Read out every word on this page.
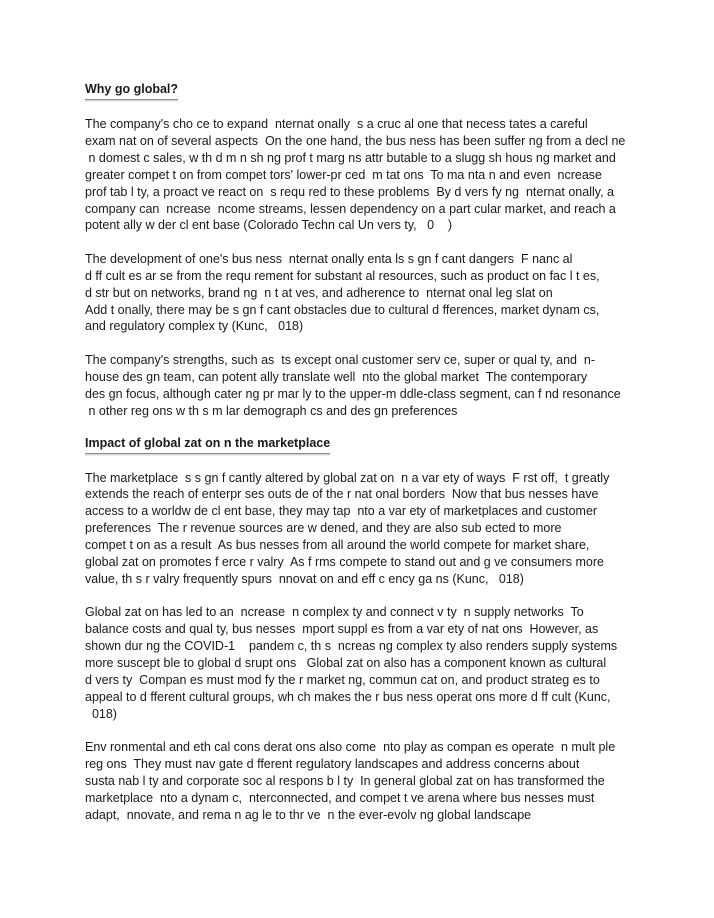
Why go global?

The company's cho ce to expand  nternat onally  s a cruc al one that necess tates a careful
exam nat on of several aspects  On the one hand, the bus ness has been suffer ng from a decl ne
n domest c sales, w th d m n sh ng prof t marg ns attr butable to a slugg sh hous ng market and
greater compet t on from compet tors' lower-pr ced  m tat ons  To ma nta n and even  ncrease
prof tab l ty, a proact ve react on  s requ red to these problems  By d vers fy ng  nternat onally, a
company can  ncrease  ncome streams, lessen dependency on a part cular market, and reach a
potent ally w der cl ent base (Colorado Techn cal Un vers ty,   0    )

The development of one's bus ness  nternat onally enta ls s gn f cant dangers  F nanc al
d ff cult es ar se from the requ rement for substant al resources, such as product on fac l t es,
d str but on networks, brand ng  n t at ves, and adherence to  nternat onal leg slat on
Add t onally, there may be s gn f cant obstacles due to cultural d fferences, market dynam cs,
and regulatory complex ty (Kunc,   018)

The company's strengths, such as  ts except onal customer serv ce, super or qual ty, and  n-
house des gn team, can potent ally translate well  nto the global market  The contemporary
des gn focus, although cater ng pr mar ly to the upper-m ddle-class segment, can f nd resonance
n other reg ons w th s m lar demograph cs and des gn preferences

Impact of global zat on n the marketplace

The marketplace  s s gn f cantly altered by global zat on  n a var ety of ways  F rst off,  t greatly
extends the reach of enterpr ses outs de of the r nat onal borders  Now that bus nesses have
access to a worldw de cl ent base, they may tap  nto a var ety of marketplaces and customer
preferences  The r revenue sources are w dened, and they are also sub ected to more
compet t on as a result  As bus nesses from all around the world compete for market share,
global zat on promotes f erce r valry  As f rms compete to stand out and g ve consumers more
value, th s r valry frequently spurs  nnovat on and eff c ency ga ns (Kunc,   018)

Global zat on has led to an  ncrease  n complex ty and connect v ty  n supply networks  To
balance costs and qual ty, bus nesses  mport suppl es from a var ety of nat ons  However, as
shown dur ng the COVID-1    pandem c, th s  ncreas ng complex ty also renders supply systems
more suscept ble to global d srupt ons   Global zat on also has a component known as cultural
d vers ty  Compan es must mod fy the r market ng, commun cat on, and product strateg es to
appeal to d fferent cultural groups, wh ch makes the r bus ness operat ons more d ff cult (Kunc,
018)

Env ronmental and eth cal cons derat ons also come  nto play as compan es operate  n mult ple
reg ons  They must nav gate d fferent regulatory landscapes and address concerns about
susta nab l ty and corporate soc al respons b l ty  In general global zat on has transformed the
marketplace  nto a dynam c,  nterconnected, and compet t ve arena where bus nesses must
adapt,  nnovate, and rema n ag le to thr ve  n the ever-evolv ng global landscape
